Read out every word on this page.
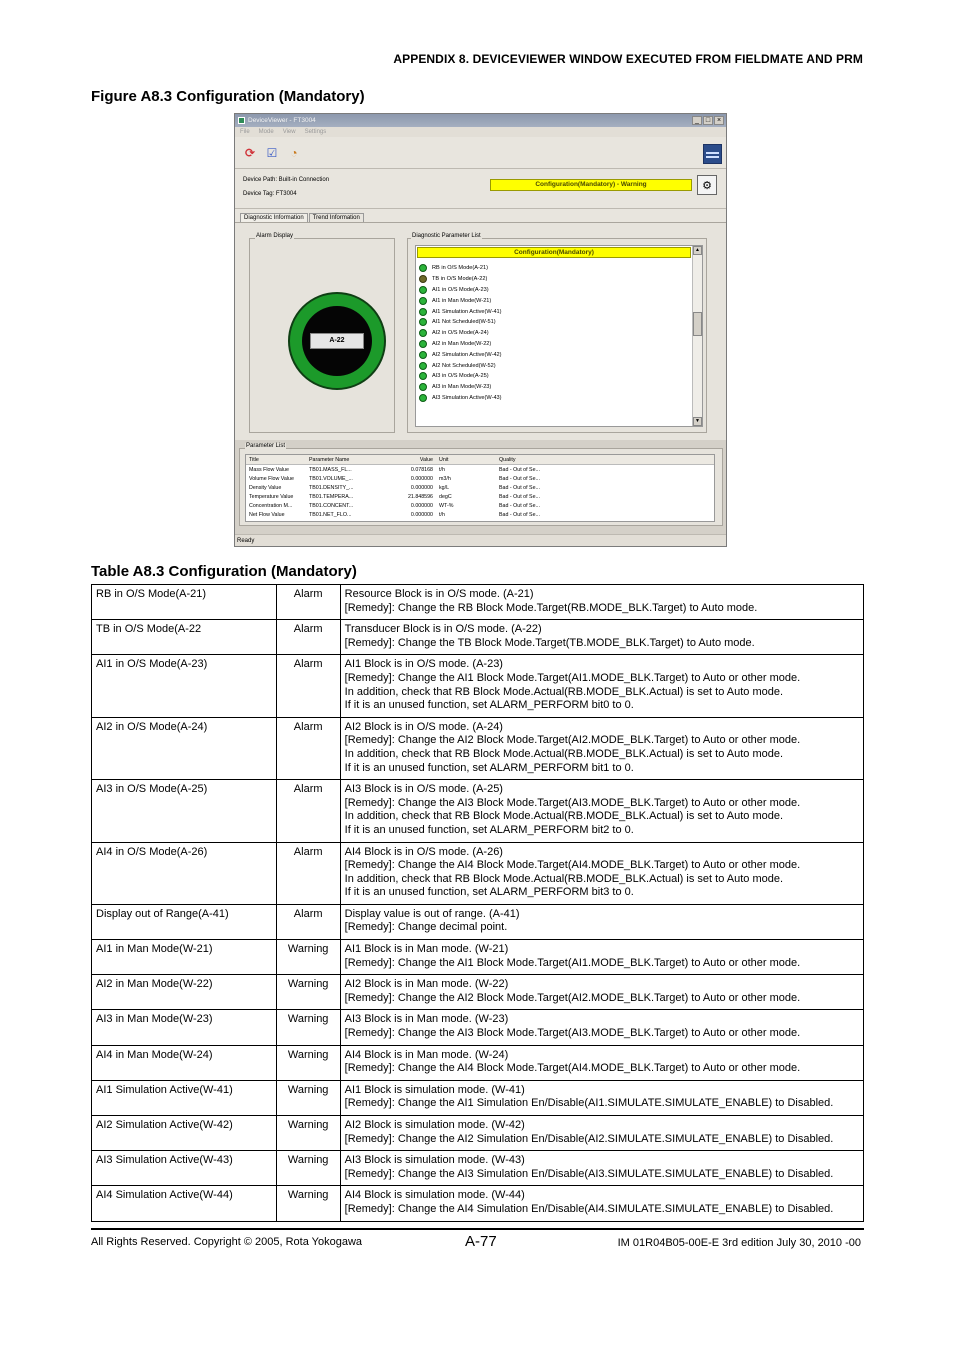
APPENDIX 8. DEVICEVIEWER WINDOW EXECUTED FROM FIELDMATE AND PRM
Figure A8.3 Configuration (Mandatory)
DeviceViewer - FT3004	_ □ ×
File Mode View Settings
⟳ ☑	◔
Device Path: Built-in Connection
Device Tag: FT3004
Configuration(Mandatory) - Warning	⚙
Diagnostic Information	Trend Information
A-22
Alarm Display	Diagnostic Parameter List
Configuration(Mandatory)
RB in O/S Mode(A-21)
TB in O/S Mode(A-22)
AI1 in O/S Mode(A-23)
AI1 in Man Mode(W-21)
AI1 Simulation Active(W-41)
AI1 Not Scheduled(W-51)
AI2 in O/S Mode(A-24)
AI2 in Man Mode(W-22)
AI2 Simulation Active(W-42)
AI2 Not Scheduled(W-52)
AI3 in O/S Mode(A-25)
AI3 in Man Mode(W-23)
AI3 Simulation Active(W-43)
▲
▼
Parameter List
Title	Parameter Name	Value	Unit	Quality
Mass Flow Value	TB01.MASS_FL...	0.078168	t/h	Bad - Out of Se...
Volume Flow Value	TB01.VOLUME_...	0.000000	m3/h	Bad - Out of Se...
Density Value	TB01.DENSITY_...	0.000000	kg/L	Bad - Out of Se...
Temperature Value	TB01.TEMPERA...	21.848596	degC	Bad - Out of Se...
Concentration M...	TB01.CONCENT...	0.000000	WT-%	Bad - Out of Se...
Net Flow Value	TB01.NET_FLO...	0.000000	t/h	Bad - Out of Se...
Ready
Table A8.3 Configuration (Mandatory)
RB in O/S Mode(A-21)	Alarm	Resource Block is in O/S mode. (A-21)
[Remedy]: Change the RB Block Mode.Target(RB.MODE_BLK.Target) to Auto mode.

TB in O/S Mode(A-22	Alarm	Transducer Block is in O/S mode. (A-22)
[Remedy]: Change the TB Block Mode.Target(TB.MODE_BLK.Target) to Auto mode.

AI1 in O/S Mode(A-23)	Alarm	AI1 Block is in O/S mode. (A-23)
[Remedy]: Change the AI1 Block Mode.Target(AI1.MODE_BLK.Target) to Auto or other mode.
In addition, check that RB Block Mode.Actual(RB.MODE_BLK.Actual) is set to Auto mode.
If it is an unused function, set ALARM_PERFORM bit0 to 0.

AI2 in O/S Mode(A-24)	Alarm	AI2 Block is in O/S mode. (A-24)
[Remedy]: Change the AI2 Block Mode.Target(AI2.MODE_BLK.Target) to Auto or other mode.
In addition, check that RB Block Mode.Actual(RB.MODE_BLK.Actual) is set to Auto mode.
If it is an unused function, set ALARM_PERFORM bit1 to 0.

AI3 in O/S Mode(A-25)	Alarm	AI3 Block is in O/S mode. (A-25)
[Remedy]: Change the AI3 Block Mode.Target(AI3.MODE_BLK.Target) to Auto or other mode.
In addition, check that RB Block Mode.Actual(RB.MODE_BLK.Actual) is set to Auto mode.
If it is an unused function, set ALARM_PERFORM bit2 to 0.

AI4 in O/S Mode(A-26)	Alarm	AI4 Block is in O/S mode. (A-26)
[Remedy]: Change the AI4 Block Mode.Target(AI4.MODE_BLK.Target) to Auto or other mode.
In addition, check that RB Block Mode.Actual(RB.MODE_BLK.Actual) is set to Auto mode.
If it is an unused function, set ALARM_PERFORM bit3 to 0.

Display out of Range(A-41)	Alarm	Display value is out of range. (A-41)
[Remedy]: Change decimal point.

AI1 in Man Mode(W-21)	Warning	AI1 Block is in Man mode. (W-21)
[Remedy]: Change the AI1 Block Mode.Target(AI1.MODE_BLK.Target) to Auto or other mode.

AI2 in Man Mode(W-22)	Warning	AI2 Block is in Man mode. (W-22)
[Remedy]: Change the AI2 Block Mode.Target(AI2.MODE_BLK.Target) to Auto or other mode.

AI3 in Man Mode(W-23)	Warning	AI3 Block is in Man mode. (W-23)
[Remedy]: Change the AI3 Block Mode.Target(AI3.MODE_BLK.Target) to Auto or other mode.

AI4 in Man Mode(W-24)	Warning	AI4 Block is in Man mode. (W-24)
[Remedy]: Change the AI4 Block Mode.Target(AI4.MODE_BLK.Target) to Auto or other mode.

AI1 Simulation Active(W-41)	Warning	AI1 Block is simulation mode. (W-41)
[Remedy]: Change the AI1 Simulation En/Disable(AI1.SIMULATE.SIMULATE_ENABLE) to Disabled.

AI2 Simulation Active(W-42)	Warning	AI2 Block is simulation mode. (W-42)
[Remedy]: Change the AI2 Simulation En/Disable(AI2.SIMULATE.SIMULATE_ENABLE) to Disabled.

AI3 Simulation Active(W-43)	Warning	AI3 Block is simulation mode. (W-43)
[Remedy]: Change the AI3 Simulation En/Disable(AI3.SIMULATE.SIMULATE_ENABLE) to Disabled.

AI4 Simulation Active(W-44)	Warning	AI4 Block is simulation mode. (W-44)
[Remedy]: Change the AI4 Simulation En/Disable(AI4.SIMULATE.SIMULATE_ENABLE) to Disabled.
All Rights Reserved. Copyright © 2005, Rota Yokogawa	A-77	IM 01R04B05-00E-E 3rd edition July 30, 2010 -00
